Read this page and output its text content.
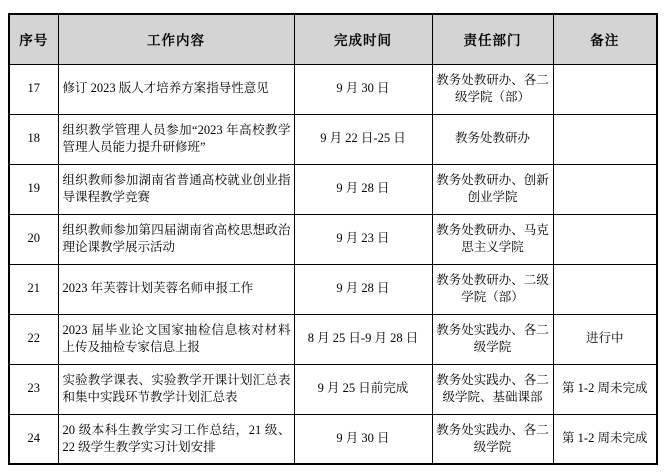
序号	工作内容	完成时间	责任部门	备注
17	修订 2023 版人才培养方案指导性意见	9 月 30 日	教务处教研办、各二级学院（部）	
18	组织教学管理人员参加“2023 年高校教学管理人员能力提升研修班”	9 月 22 日-25 日	教务处教研办	
19	组织教师参加湖南省普通高校就业创业指导课程教学竞赛	9 月 28 日	教务处教研办、创新创业学院	
20	组织教师参加第四届湖南省高校思想政治理论课教学展示活动	9 月 23 日	教务处教研办、马克思主义学院	
21	2023 年芙蓉计划芙蓉名师申报工作	9 月 28 日	教务处教研办、二级学院（部）	
22	2023 届毕业论文国家抽检信息核对材料上传及抽检专家信息上报	8 月 25 日-9 月 28 日	教务处实践办、各二级学院	进行中
23	实验教学课表、实验教学开课计划汇总表和集中实践环节教学计划汇总表	9 月 25 日前完成	教务处实践办、各二级学院、基础课部	第 1-2 周未完成
24	20 级本科生教学实习工作总结，21 级、22 级学生教学实习计划安排	9 月 30 日	教务处实践办、各二级学院	第 1-2 周未完成
